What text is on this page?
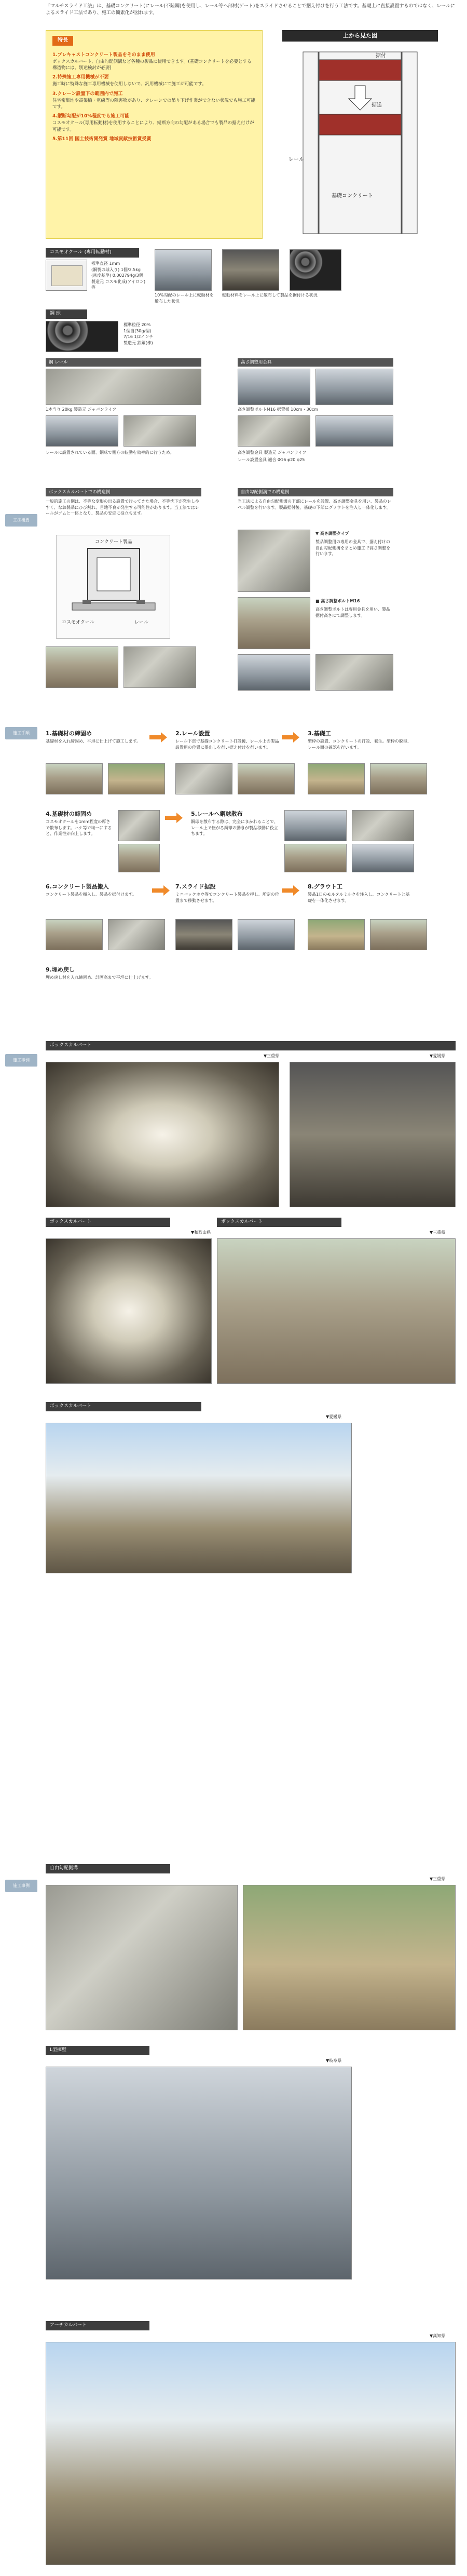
工法概要
施工手順
施工事例
施工事例
「マルチスライド工法」は、基礎コンクリート(にレール(不陸鋼)を使用し、レール等へ部材(ゲート)をスライドさせることで据え付けを行う工法です。基礎上に直接設置するのではなく、レールによるスライド工法であり、施工の簡素化が図れます。
特長
1.プレキャストコンクリート製品をそのまま使用
ボックスカルバート、自由勾配側溝など各種の製品に使用できます。(基礎コンクリートを必要とする構造物には、別途検討が必要)
2.特殊施工専用機械が不要
施工時に特殊な施工専用機械を使用しないで、汎用機械にて施工が可能です。
3.クレーン設置下の範囲内で施工
住宅密集地や高架橋・電線等の障害物があり、クレーンでの吊り下げ作業ができない状況でも施工可能です。
4.縦断勾配が10%程度でも施工可能
コスモオクール(専用転動材)を使用することにより、縦断方向の勾配がある場合でも製品の据え付けが可能です。
5.第11回 国土技術開発賞 地域貢献技術賞受賞
上から見た図
据付
据送
レール
基礎コンクリート
コスモオクール (専用転動材)
標準直径 1mm
(鋼製の球入り) 1個/2.5kg
(密度基準) 0.002794g/3個
製造元 コスモ化成(アイロン)等
10%勾配のレール上に転動材を散布した状況
転動材料をレール上に散布して製品を据付ける状況
鋼 球
標準粒径 20%
1個当(30g/個)
7/16 1/2インチ
製造元 鉄鋼(株)
鋼 レール
1本当り 20kg 製造元 ジャパンライフ
レールに設置されている面、鋼球で側方の転動を効率的に行うため。
高さ調整用金具
高さ調整ボルトM16 据置板 10cm・30cm
高さ調整金具 製造元 ジャパンライフ
レール設置金具 適合 Φ16 φ20 φ25
ボックスカルバートでの構造例
一般的施工の例は、不等な変形の出る設置で行ってきた場合、不等沈下が発生しやすく、なお製品にひび割れ、目地不良が発生する可能性があります。当工法ではレールがゴムと一体となり、製品の安定に役立ちます。
コンクリート製品
コスモオクール	レール
自由勾配側溝での構造例
当工法による自由勾配側溝の下部にレールを設置、高さ調整金具を用い、製品のレベル調整を行います。製品据付後、基礎の下部にグラウトを注入し一体化します。
▼ 高さ調整タイプ
製品調整用の専用の金具で、据え付けの自由勾配側溝をまとめ施工で高さ調整を行います。
■ 高さ調整ボルトM16
高さ調整ボルトは専用金具を用い、製品据付高さにて調整します。
1.基礎材の締固め
基礎材を入れ締固め、平坦に仕上げて施工します。
2.レール設置
レール下部で基礎コンクリート打設後、レール上の製品設置用の位置に墨出しを行い据え付けを行います。
3.基礎工
型枠の設置、コンクリートの打設、養生。型枠の脱型、レール面の確認を行います。
4.基礎材の締固め
コスモオクールを1mm程度の厚さで散布します。ハケ等で均一にすると、作業性が向上します。
5.レールへ鋼球散布
鋼球を散布する際は、完全にまかれることで、レール上で転がる鋼球の動きが製品移動に役立ちます。
6.コンクリート製品搬入
コンクリート製品を搬入し、製品を据付けます。
7.スライド据設
ミニバックホウ等でコンクリート製品を押し、所定の位置まで移動させます。
8.グラウト工
製品1日のモルタルミルクを注入し、コンクリートと基礎を一体化させます。
9.埋め戻し
埋め戻し材を入れ締固め、計画高まで平坦に仕上げます。
ボックスカルバート
▼三重県	▼愛媛県
ボックスカルバート
▼和歌山県
ボックスカルバート
▼三重県
ボックスカルバート
▼愛媛県
自由勾配側溝
▼三重県
L型擁壁
▼岐阜県
アーチカルバート
▼高知県
